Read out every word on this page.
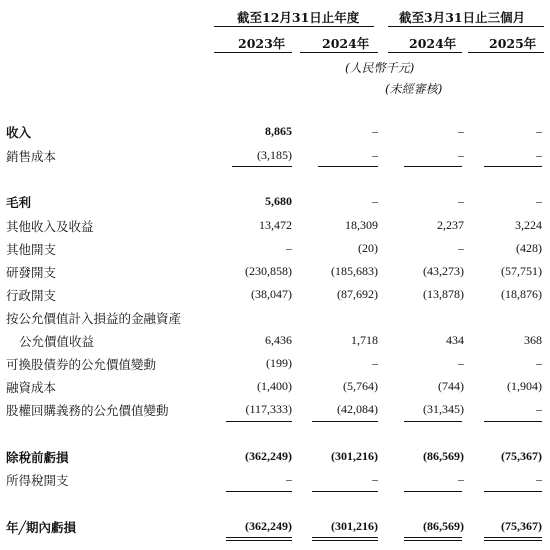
截至12月31日止年度	截至3月31日止三個月
2023年	2024年	2024年	2025年
(人民幣千元)
(未經審核)
收入	8,865	–	–	–
銷售成本	(3,185)	–	–	–
毛利	5,680	–	–	–
其他收入及收益	13,472	18,309	2,237	3,224
其他開支	–	(20)	–	(428)
研發開支	(230,858)	(185,683)	(43,273)	(57,751)
行政開支	(38,047)	(87,692)	(13,878)	(18,876)
按公允價值計入損益的金融資產
公允價值收益	6,436	1,718	434	368
可換股債券的公允價值變動	(199)	–	–	–
融資成本	(1,400)	(5,764)	(744)	(1,904)
股權回購義務的公允價值變動	(117,333)	(42,084)	(31,345)	–
除稅前虧損	(362,249)	(301,216)	(86,569)	(75,367)
所得稅開支	–	–	–	–
年╱期內虧損	(362,249)	(301,216)	(86,569)	(75,367)
